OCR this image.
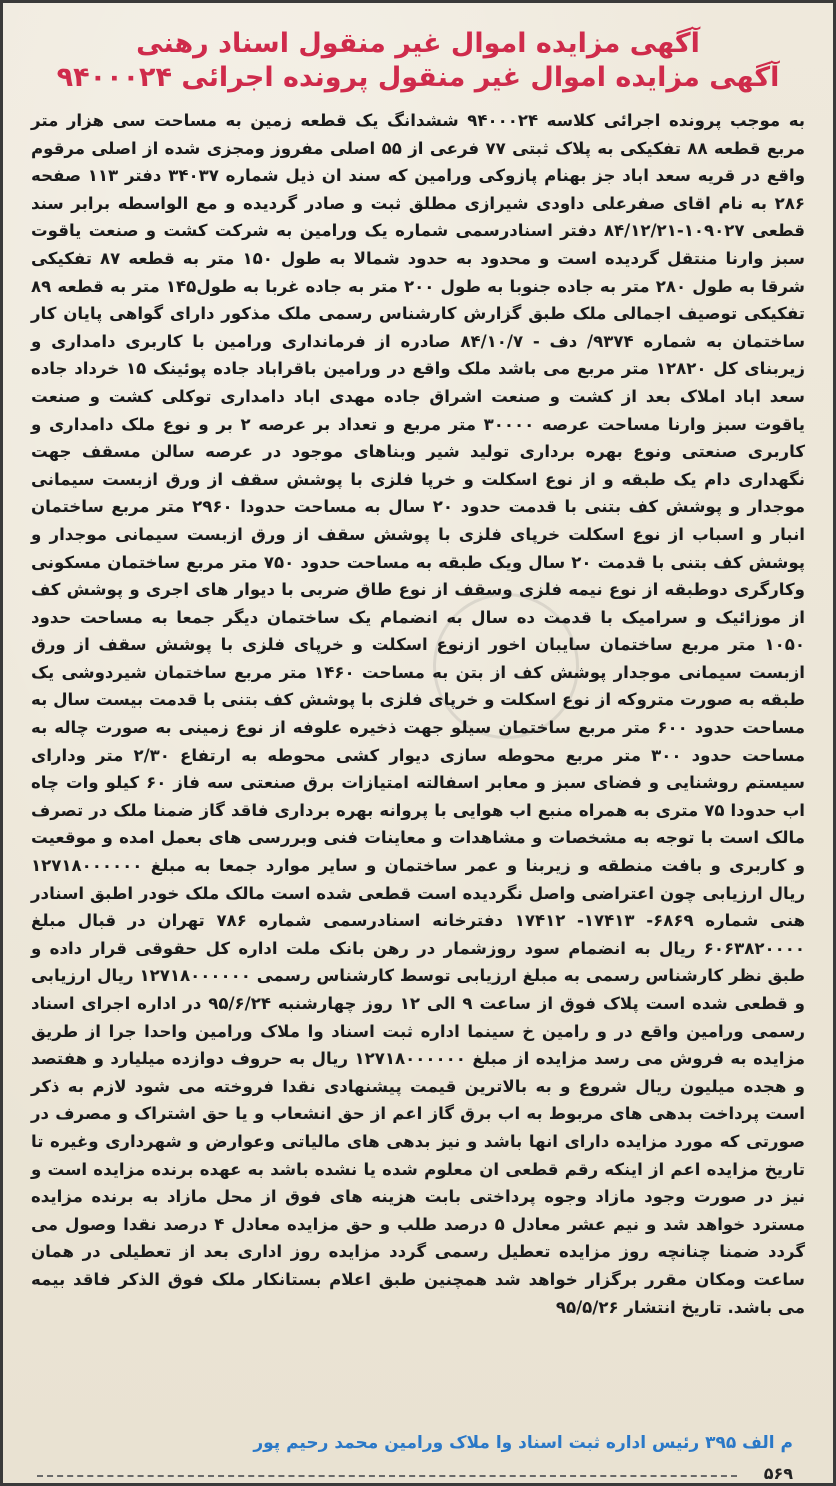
آگهی مزایده اموال غیر منقول اسناد رهنی
آگهی مزایده اموال غیر منقول پرونده اجرائی ۹۴۰۰۰۲۴

به موجب پرونده اجرائی کلاسه ۹۴۰۰۰۲۴ ششدانگ یک قطعه زمین به مساحت سی هزار متر مربع قطعه ۸۸ تفکیکی به پلاک ثبتی ۷۷ فرعی از ۵۵ اصلی مفروز ومجزی شده از اصلی مرقوم واقع در قریه سعد اباد جز بهنام پازوکی ورامین که سند ان ذیل شماره ۳۴۰۳۷ دفتر ۱۱۳ صفحه ۲۸۶ به نام اقای صفرعلی داودی شیرازی مطلق ثبت و صادر گردیده و مع الواسطه برابر سند قطعی ۱۰۹۰۲۷-۸۴/۱۲/۲۱ دفتر اسنادرسمی شماره یک ورامین به شرکت کشت و صنعت یاقوت سبز وارنا منتقل گردیده است و محدود به حدود شمالا به طول ۱۵۰ متر به قطعه ۸۷ تفکیکی شرقا به طول ۲۸۰ متر به جاده جنوبا به طول ۲۰۰ متر به جاده غربا به طول۱۴۵ متر به قطعه ۸۹ تفکیکی توصیف اجمالی ملک طبق گزارش کارشناس رسمی ملک مذکور دارای گواهی پایان کار ساختمان به شماره ۹۳۷۴/ دف - ۸۴/۱۰/۷ صادره از فرمانداری ورامین با کاربری دامداری و زیربنای کل ۱۲۸۲۰ متر مربع می باشد ملک واقع در ورامین باقراباد جاده پوئینک ۱۵ خرداد جاده سعد اباد املاک بعد از کشت و صنعت اشراق جاده مهدی اباد دامداری توکلی کشت و صنعت یاقوت سبز وارنا مساحت عرصه ۳۰۰۰۰ متر مربع و تعداد بر عرصه ۲ بر و نوع ملک دامداری و کاربری صنعتی ونوع بهره برداری تولید شیر وبناهای موجود در عرصه سالن مسقف جهت نگهداری دام یک طبقه و از نوع اسکلت و خرپا فلزی با پوشش سقف از ورق ازبست سیمانی موجدار و پوشش کف بتنی با قدمت حدود ۲۰ سال به مساحت حدودا ۲۹۶۰ متر مربع ساختمان انبار و اسباب از نوع اسکلت خرپای فلزی با پوشش سقف از ورق ازبست سیمانی موجدار و پوشش کف بتنی با قدمت ۲۰ سال ویک طبقه به مساحت حدود ۷۵۰ متر مربع ساختمان مسکونی وکارگری دوطبقه از نوع نیمه فلزی وسقف از نوع طاق ضربی با دیوار های اجری و پوشش کف از موزائیک و سرامیک با قدمت ده سال به انضمام یک ساختمان دیگر جمعا به مساحت حدود ۱۰۵۰ متر مربع ساختمان سایبان اخور ازنوع اسکلت و خرپای فلزی با پوشش سقف از ورق ازبست سیمانی موجدار پوشش کف از بتن به مساحت ۱۴۶۰ متر مربع ساختمان شیردوشی یک طبقه به صورت متروکه از نوع اسکلت و خرپای فلزی با پوشش کف بتنی با قدمت بیست سال به مساحت حدود ۶۰۰ متر مربع ساختمان سیلو جهت ذخیره علوفه از نوع زمینی به صورت چاله به مساحت حدود ۳۰۰ متر مربع محوطه سازی دیوار کشی محوطه به ارتفاع ۲/۳۰ متر ودارای سیستم روشنایی و فضای سبز و معابر اسفالته امتیازات برق صنعتی سه فاز ۶۰ کیلو وات چاه اب حدودا ۷۵ متری به همراه منبع اب هوایی با پروانه بهره برداری فاقد گاز ضمنا ملک در تصرف مالک است با توجه به مشخصات و مشاهدات و معاینات فنی وبررسی های بعمل امده و موقعیت و کاربری و بافت منطقه و زیربنا و عمر ساختمان و سایر موارد جمعا به مبلغ ۱۲۷۱۸۰۰۰۰۰۰ ریال ارزیابی چون اعتراضی واصل نگردیده است قطعی شده است مالک ملک خودر اطبق اسنادر هنی شماره ۶۸۶۹- ۱۷۴۱۳- ۱۷۴۱۲ دفترخانه اسنادرسمی شماره ۷۸۶ تهران در قبال مبلغ ۶۰۶۳۸۲۰۰۰۰ ریال به انضمام سود روزشمار در رهن بانک ملت اداره کل حقوقی قرار داده و طبق نظر کارشناس رسمی به مبلغ ارزیابی توسط کارشناس رسمی ۱۲۷۱۸۰۰۰۰۰۰ ریال ارزیابی و قطعی شده است پلاک فوق از ساعت ۹ الی ۱۲ روز چهارشنبه ۹۵/۶/۲۴ در اداره اجرای اسناد رسمی ورامین واقع در و رامین خ سینما اداره ثبت اسناد وا ملاک ورامین واحدا جرا از طریق مزایده به فروش می رسد مزایده از مبلغ ۱۲۷۱۸۰۰۰۰۰۰ ریال به حروف دوازده میلیارد و هفتصد و هجده میلیون ریال شروع و به بالاترین قیمت پیشنهادی نقدا فروخته می شود لازم به ذکر است پرداخت بدهی های مربوط به اب برق گاز اعم از حق انشعاب و یا حق اشتراک و مصرف در صورتی که مورد مزایده دارای انها باشد و نیز بدهی های مالیاتی وعوارض و شهرداری وغیره تا تاریخ مزایده اعم از اینکه رقم قطعی ان معلوم شده یا نشده باشد به عهده برنده مزایده است و نیز در صورت وجود مازاد وجوه پرداختی بابت هزینه های فوق از محل مازاد به برنده مزایده مسترد خواهد شد و نیم عشر معادل ۵ درصد طلب و حق مزایده معادل ۴ درصد نقدا وصول می گردد ضمنا چنانچه روز مزایده تعطیل رسمی گردد مزایده روز اداری بعد از تعطیلی در همان ساعت ومکان مقرر برگزار خواهد شد همچنین طبق اعلام بستانکار ملک فوق الذکر فاقد بیمه می باشد. تاریخ انتشار ۹۵/۵/۲۶

م الف ۳۹۵ رئیس اداره ثبت اسناد وا ملاک ورامین محمد رحیم پور
۵۶۹
